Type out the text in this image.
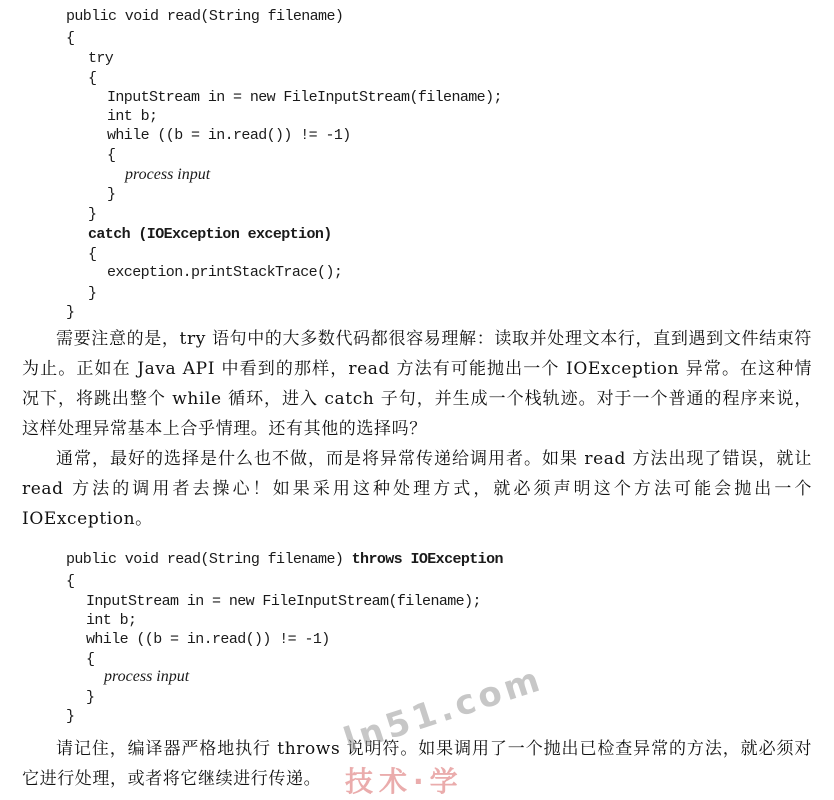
public void read(String filename)

{

try

{

InputStream in = new FileInputStream(filename);

int b;

while ((b = in.read()) != -1)

{

process input

}

}

catch (IOException exception)

{

exception.printStackTrace();

}

}

需要注意的是，try 语句中的大多数代码都很容易理解：读取并处理文本行，直到遇到文件结束符为止。正如在 Java API 中看到的那样，read 方法有可能抛出一个 IOException 异常。在这种情况下，将跳出整个 while 循环，进入 catch 子句，并生成一个栈轨迹。对于一个普通的程序来说，这样处理异常基本上合乎情理。还有其他的选择吗？

通常，最好的选择是什么也不做，而是将异常传递给调用者。如果 read 方法出现了错误，就让 read 方法的调用者去操心！如果采用这种处理方式，就必须声明这个方法可能会抛出一个 IOException。

public void read(String filename) throws IOException

{

InputStream in = new FileInputStream(filename);

int b;

while ((b = in.read()) != -1)

{

process input

}

}

请记住，编译器严格地执行 throws 说明符。如果调用了一个抛出已检查异常的方法，就必须对它进行处理，或者将它继续进行传递。

ln51.com
技术·学
